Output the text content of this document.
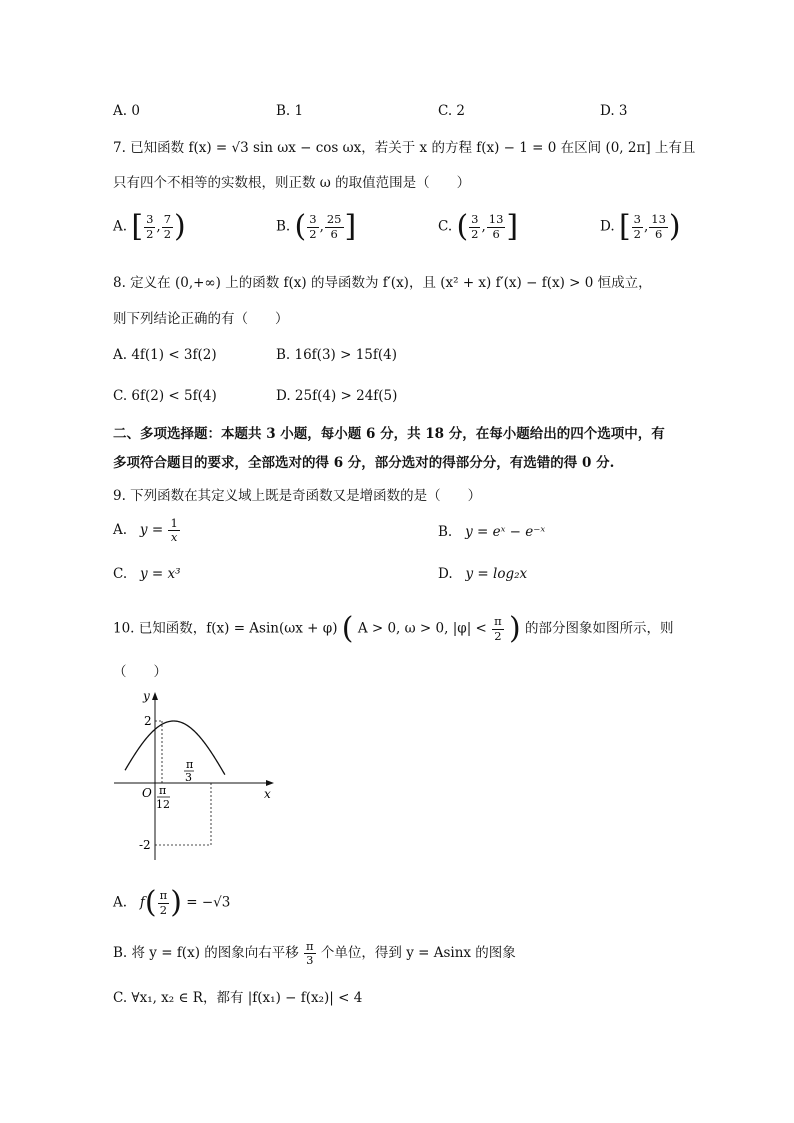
A. 0	B. 1	C. 2	D. 3
7. 已知函数 f(x) = √3 sin ωx − cos ωx，若关于 x 的方程 f(x) − 1 = 0 在区间 (0, 2π] 上有且
只有四个不相等的实数根，则正数 ω 的取值范围是（　　）
A. [ $\frac{3}{2}$ , $\frac{7}{2}$ )	B. ( $\frac{3}{2}$ , $\frac{25}{6}$ ]	C. ( $\frac{3}{2}$ , $\frac{13}{6}$ ]	D. [ $\frac{3}{2}$ , $\frac{13}{6}$ )
8. 定义在 (0,+∞) 上的函数 f(x) 的导函数为 f′(x)，且 (x² + x) f′(x) − f(x) > 0 恒成立，
则下列结论正确的有（　　）
A. 4f(1) < 3f(2)	B. 16f(3) > 15f(4)
C. 6f(2) < 5f(4)	D. 25f(4) > 24f(5)
二、多项选择题：本题共 3 小题，每小题 6 分，共 18 分，在每小题给出的四个选项中，有
多项符合题目的要求，全部选对的得 6 分，部分选对的得部分分，有选错的得 0 分.
9. 下列函数在其定义域上既是奇函数又是增函数的是（　　）
A. $y = \frac{1}{x}$	B. y = eˣ − e⁻ˣ
C. y = x³	D. y = log₂x
10. 已知函数，f(x) = Asin(ωx + φ) ( A > 0, ω > 0, $|\varphi| < \frac{\pi}{2}$ ) 的部分图象如图所示，则
（　　）
y
x
O
2
-2
π
12
π
3
A. $f( \frac{\pi}{2}$ ) = −√3
B. 将 y = f(x) 的图象向右平移 $\frac{\pi}{3}$ 个单位，得到 y = Asinx 的图象
C. ∀x₁, x₂ ∈ R，都有 |f(x₁) − f(x₂)| < 4
